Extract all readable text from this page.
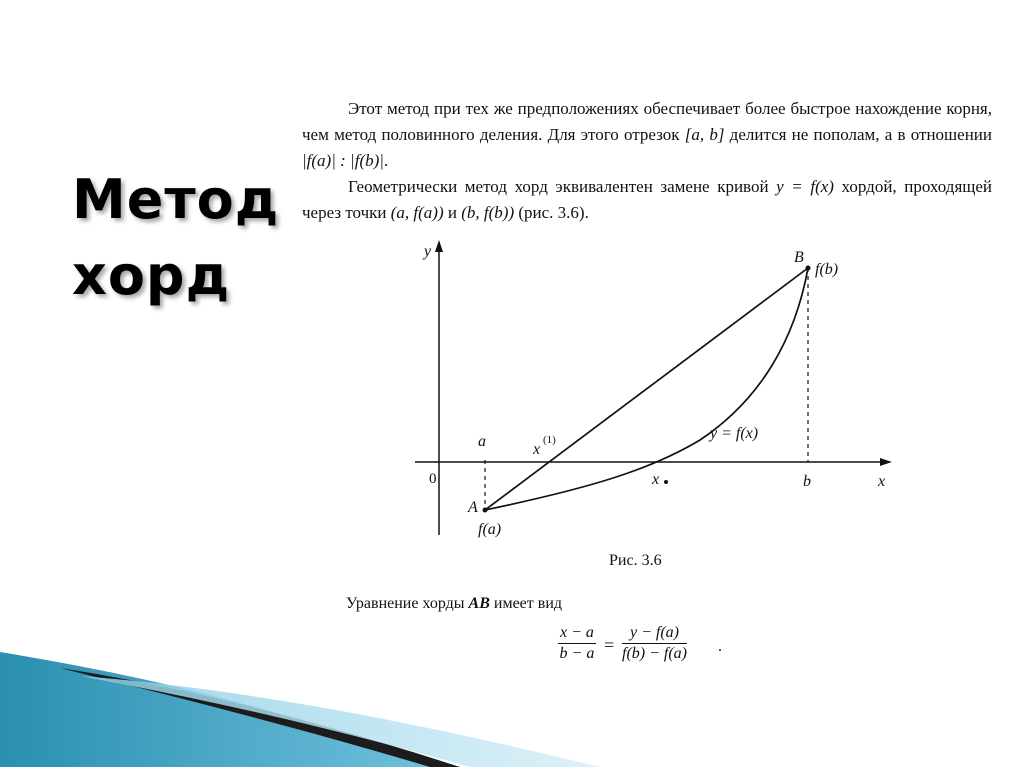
Метод
хорд

Этот метод при тех же предположениях обеспечивает более быстрое нахождение корня, чем метод половинного деления. Для этого отрезок [a, b] делится не пополам, а в отношении |f(a)| : |f(b)|.

Геометрически метод хорд эквивалентен замене кривой y = f(x) хордой, проходящей через точки (a, f(a)) и (b, f(b)) (рис. 3.6).

y
x
a
b
A
B
f(a)
f(b)
x
x
y = f(x)
(1)
0
Рис. 3.6
Уравнение хорды AB имеет вид
$\frac{x - a}{b - a} = \frac{y - f(a)}{f(b) - f(a)}$ .
